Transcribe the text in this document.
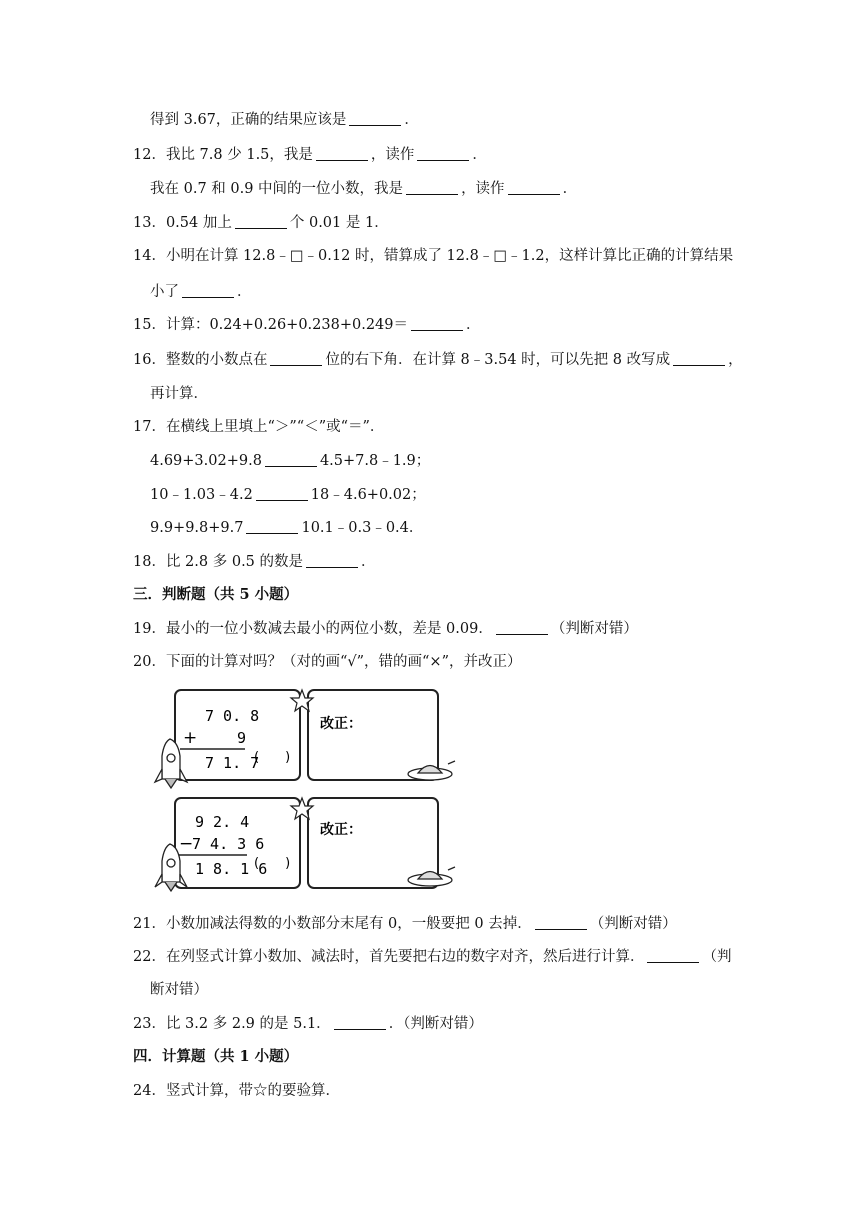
得到 3.67，正确的结果应该是	．
12．我比 7.8 少 1.5，我是	，读作	．
我在 0.7 和 0.9 中间的一位小数，我是	，读作	．
13．0.54 加上	个 0.01 是 1．
14．小明在计算 12.8﹣□﹣0.12 时，错算成了 12.8﹣□﹣1.2，这样计算比正确的计算结果
小了	．
15．计算：0.24+0.26+0.238+0.249＝	．
16．整数的小数点在	位的右下角．在计算 8﹣3.54 时，可以先把 8 改写成	，
再计算．
17．在横线上里填上“＞”“＜”或“＝”．
4.69+3.02+9.8	4.5+7.8﹣1.9；
10﹣1.03﹣4.2	18﹣4.6+0.02；
9.9+9.8+9.7	10.1﹣0.3﹣0.4．
18．比 2.8 多 0.5 的数是	．
三．判断题（共 5 小题）
19．最小的一位小数减去最小的两位小数，差是 0.09．	（判断对错）
20．下面的计算对吗？（对的画“√”，错的画“×”，并改正）
21．小数加减法得数的小数部分末尾有 0，一般要把 0 去掉．	（判断对错）
22．在列竖式计算小数加、减法时，首先要把右边的数字对齐，然后进行计算．	（判
断对错）
23．比 3.2 多 2.9 的是 5.1．	．（判断对错）
四．计算题（共 1 小题）
24．竖式计算，带☆的要验算．
7 0. 8
+	9
7 1. 7
(　　)
改正：
9 2. 4
−
7 4. 3 6
1 8. 1 6
(　　)
改正：
